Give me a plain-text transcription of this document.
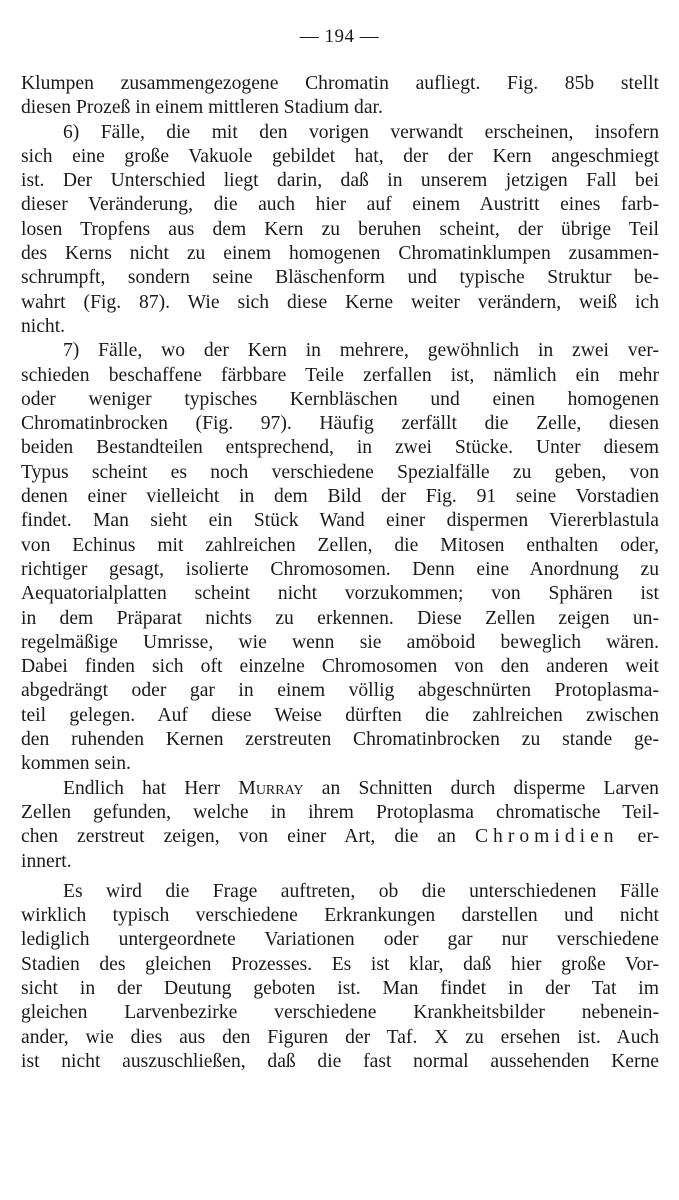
— 194 —
Klumpen zusammengezogene Chromatin aufliegt. Fig. 85b stellt
diesen Prozeß in einem mittleren Stadium dar.
6) Fälle, die mit den vorigen verwandt erscheinen, insofern
sich eine große Vakuole gebildet hat, der der Kern angeschmiegt
ist. Der Unterschied liegt darin, daß in unserem jetzigen Fall bei
dieser Veränderung, die auch hier auf einem Austritt eines farb-
losen Tropfens aus dem Kern zu beruhen scheint, der übrige Teil
des Kerns nicht zu einem homogenen Chromatinklumpen zusammen-
schrumpft, sondern seine Bläschenform und typische Struktur be-
wahrt (Fig. 87). Wie sich diese Kerne weiter verändern, weiß ich
nicht.
7) Fälle, wo der Kern in mehrere, gewöhnlich in zwei ver-
schieden beschaffene färbbare Teile zerfallen ist, nämlich ein mehr
oder weniger typisches Kernbläschen und einen homogenen
Chromatinbrocken (Fig. 97). Häufig zerfällt die Zelle, diesen
beiden Bestandteilen entsprechend, in zwei Stücke. Unter diesem
Typus scheint es noch verschiedene Spezialfälle zu geben, von
denen einer vielleicht in dem Bild der Fig. 91 seine Vorstadien
findet. Man sieht ein Stück Wand einer dispermen Viererblastula
von Echinus mit zahlreichen Zellen, die Mitosen enthalten oder,
richtiger gesagt, isolierte Chromosomen. Denn eine Anordnung zu
Aequatorialplatten scheint nicht vorzukommen; von Sphären ist
in dem Präparat nichts zu erkennen. Diese Zellen zeigen un-
regelmäßige Umrisse, wie wenn sie amöboid beweglich wären.
Dabei finden sich oft einzelne Chromosomen von den anderen weit
abgedrängt oder gar in einem völlig abgeschnürten Protoplasma-
teil gelegen. Auf diese Weise dürften die zahlreichen zwischen
den ruhenden Kernen zerstreuten Chromatinbrocken zu stande ge-
kommen sein.
Endlich hat Herr Murray an Schnitten durch disperme Larven
Zellen gefunden, welche in ihrem Protoplasma chromatische Teil-
chen zerstreut zeigen, von einer Art, die an Chromidien er-
innert.
Es wird die Frage auftreten, ob die unterschiedenen Fälle
wirklich typisch verschiedene Erkrankungen darstellen und nicht
lediglich untergeordnete Variationen oder gar nur verschiedene
Stadien des gleichen Prozesses. Es ist klar, daß hier große Vor-
sicht in der Deutung geboten ist. Man findet in der Tat im
gleichen Larvenbezirke verschiedene Krankheitsbilder nebenein-
ander, wie dies aus den Figuren der Taf. X zu ersehen ist. Auch
ist nicht auszuschließen, daß die fast normal aussehenden Kerne
